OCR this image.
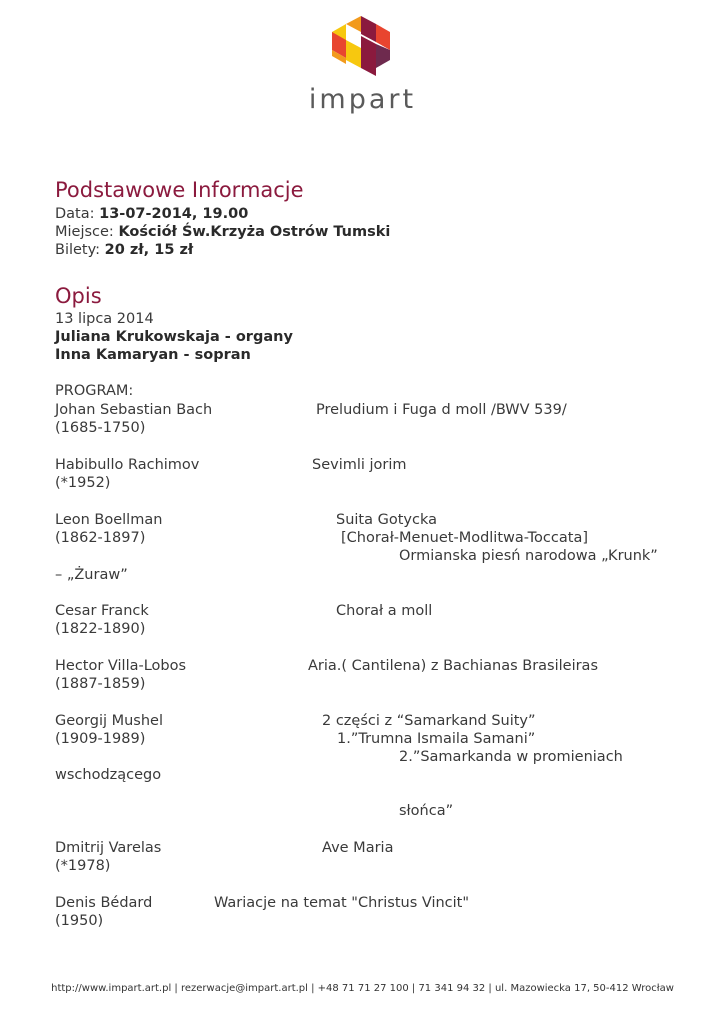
impart
Podstawowe Informacje
Data: 13-07-2014, 19.00
Miejsce: Kościół Św.Krzyża Ostrów Tumski
Bilety: 20 zł, 15 zł
Opis
13 lipca 2014
Juliana Krukowskaja - organy
Inna Kamaryan - sopran
PROGRAM:
Johan Sebastian Bach	Preludium i Fuga d moll /BWV 539/
(1685-1750)
Habibullo Rachimov	Sevimli jorim
(*1952)
Leon Boellman	Suita Gotycka
(1862-1897)	[Chorał-Menuet-Modlitwa-Toccata]
Ormianska piesń narodowa „Krunk”
– „Żuraw”
Cesar Franck	Chorał a moll
(1822-1890)
Hector Villa-Lobos	Aria.( Cantilena) z Bachianas Brasileiras
(1887-1859)
Georgij Mushel	2 części z “Samarkand Suity”
(1909-1989)	1.”Trumna Ismaila Samani”
2.”Samarkanda w promieniach
wschodzącego
słońca”
Dmitrij Varelas	Ave Maria
(*1978)
Denis Bédard	Wariacje na temat "Christus Vincit"
(1950)
http://www.impart.art.pl | rezerwacje@impart.art.pl | +48 71 71 27 100 | 71 341 94 32 | ul. Mazowiecka 17, 50-412 Wrocław
